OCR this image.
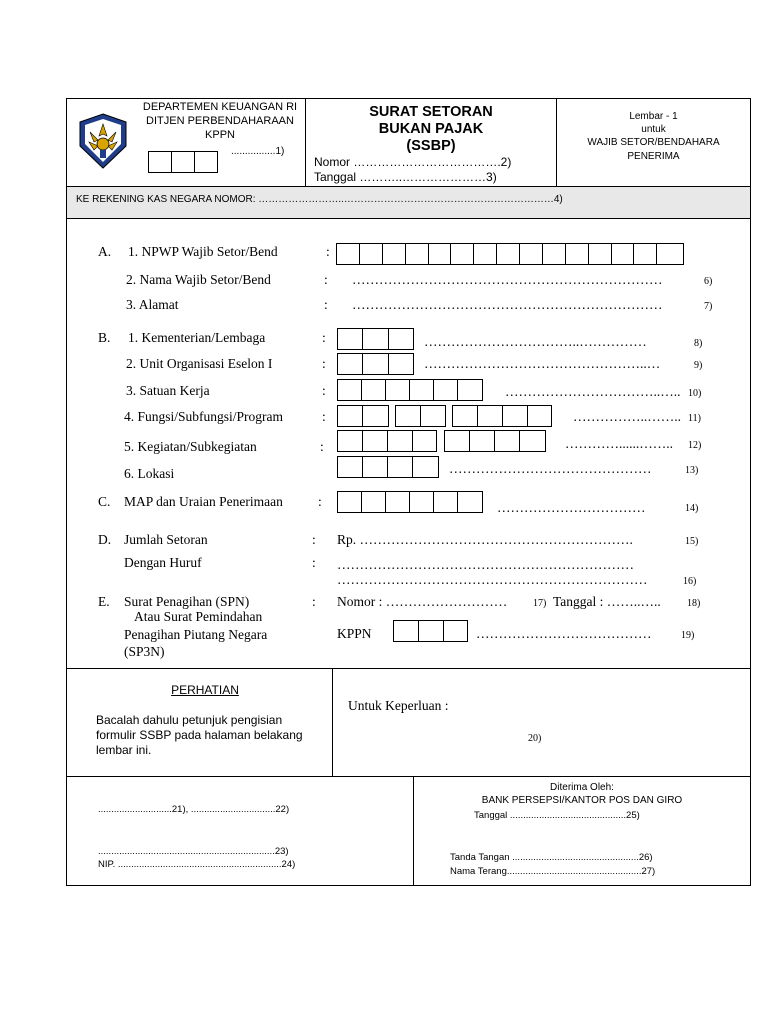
DEPARTEMEN KEUANGAN RI
DITJEN PERBENDAHARAAN
KPPN
................1)
SURAT SETORAN
BUKAN PAJAK
(SSBP)
Nomor ……………………………….2)
Tanggal ………..…………………3)
Lembar - 1
untuk
WAJIB SETOR/BENDAHARA
PENERIMA
KE REKENING KAS NEGARA NOMOR: ……………………..………………………………………………………4)
A. 1. NPWP Wajib Setor/Bend	:
2. Nama Wajib Setor/Bend	: ……………………………………………………………	6)
3. Alamat	: ……………………………………………………………	7)
B. 1. Kementerian/Lembaga	:	……………………………..……………	8)
2. Unit Organisasi Eselon I	:	…………………………………………..…	9)
3. Satuan Kerja	:	……………………………..….. 10)
4. Fungsi/Subfungsi/Program	:	……………..…….. 11)
5. Kegiatan/Subkegiatan	:	…………......…….. 12)
6. Lokasi	………………………………………	13)
C. MAP dan Uraian Penerimaan	:	……………………………	14)
D. Jumlah Setoran	: Rp. …………………………………………………….	15)
Dengan Huruf	: …………………………………………………………
……………………………………………………………	16)
E. Surat Penagihan (SPN)
Atau Surat Pemindahan
Penagihan Piutang Negara
(SP3N)
: Nomor : ………………………	17) Tanggal : ……..…..	18)
KPPN	…………………………………	19)
PERHATIAN
Bacalah dahulu petunjuk pengisian
formulir SSBP pada halaman belakang
lembar ini.
Untuk Keperluan :
20)
............................21), ................................22)
...................................................................23)
NIP. ..............................................................24)
Diterima Oleh:
BANK PERSEPSI/KANTOR POS DAN GIRO
Tanggal ............................................25)
Tanda Tangan ................................................26)
Nama Terang...................................................27)
